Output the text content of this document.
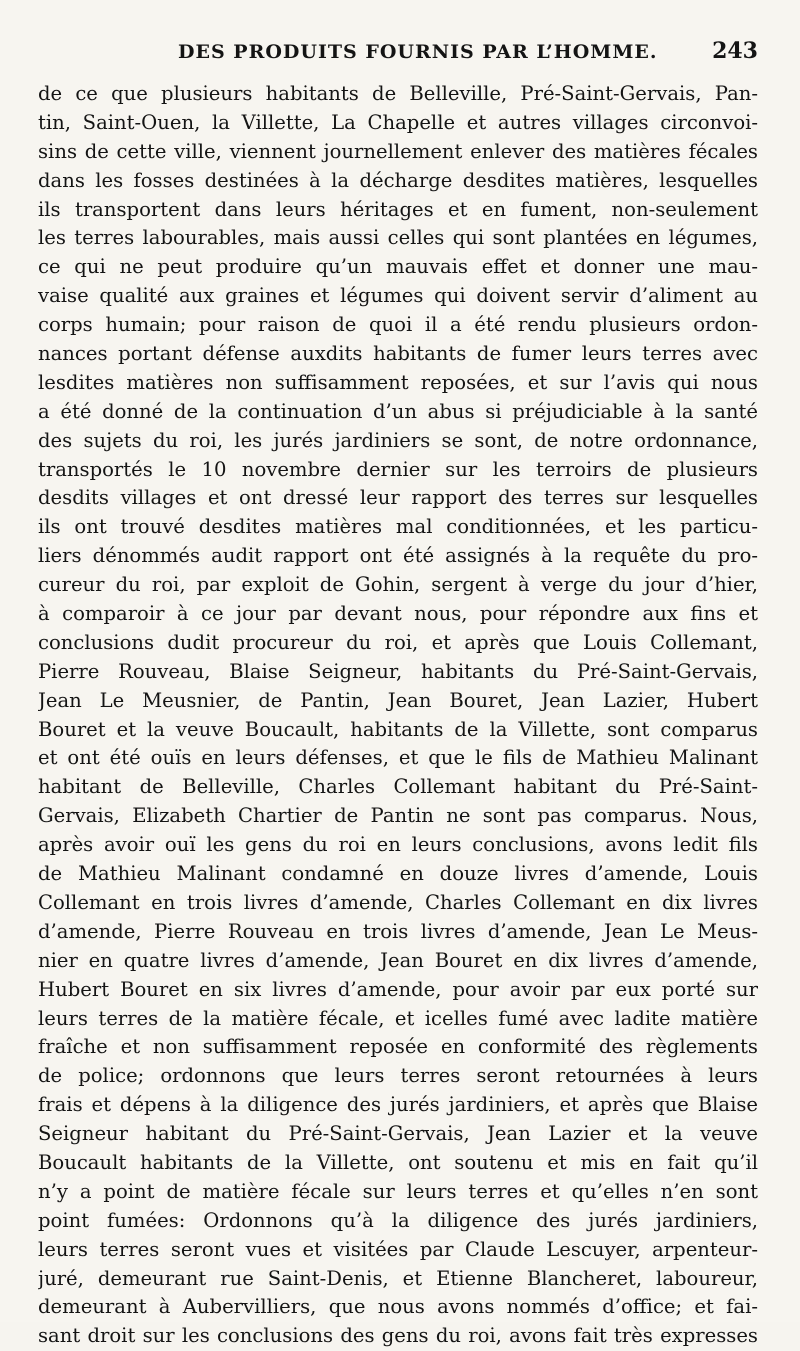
DES PRODUITS FOURNIS PAR L’HOMME. 243
de ce que plusieurs habitants de Belleville, Pré-Saint-Gervais, Pan-
tin, Saint-Ouen, la Villette, La Chapelle et autres villages circonvoi-
sins de cette ville, viennent journellement enlever des matières fécales
dans les fosses destinées à la décharge desdites matières, lesquelles
ils transportent dans leurs héritages et en fument, non-seulement
les terres labourables, mais aussi celles qui sont plantées en légumes,
ce qui ne peut produire qu’un mauvais effet et donner une mau-
vaise qualité aux graines et légumes qui doivent servir d’aliment au
corps humain; pour raison de quoi il a été rendu plusieurs ordon-
nances portant défense auxdits habitants de fumer leurs terres avec
lesdites matières non suffisamment reposées, et sur l’avis qui nous
a été donné de la continuation d’un abus si préjudiciable à la santé
des sujets du roi, les jurés jardiniers se sont, de notre ordonnance,
transportés le 10 novembre dernier sur les terroirs de plusieurs
desdits villages et ont dressé leur rapport des terres sur lesquelles
ils ont trouvé desdites matières mal conditionnées, et les particu-
liers dénommés audit rapport ont été assignés à la requête du pro-
cureur du roi, par exploit de Gohin, sergent à verge du jour d’hier,
à comparoir à ce jour par devant nous, pour répondre aux fins et
conclusions dudit procureur du roi, et après que Louis Collemant,
Pierre Rouveau, Blaise Seigneur, habitants du Pré-Saint-Gervais,
Jean Le Meusnier, de Pantin, Jean Bouret, Jean Lazier, Hubert
Bouret et la veuve Boucault, habitants de la Villette, sont comparus
et ont été ouïs en leurs défenses, et que le fils de Mathieu Malinant
habitant de Belleville, Charles Collemant habitant du Pré-Saint-
Gervais, Elizabeth Chartier de Pantin ne sont pas comparus. Nous,
après avoir ouï les gens du roi en leurs conclusions, avons ledit fils
de Mathieu Malinant condamné en douze livres d’amende, Louis
Collemant en trois livres d’amende, Charles Collemant en dix livres
d’amende, Pierre Rouveau en trois livres d’amende, Jean Le Meus-
nier en quatre livres d’amende, Jean Bouret en dix livres d’amende,
Hubert Bouret en six livres d’amende, pour avoir par eux porté sur
leurs terres de la matière fécale, et icelles fumé avec ladite matière
fraîche et non suffisamment reposée en conformité des règlements
de police; ordonnons que leurs terres seront retournées à leurs
frais et dépens à la diligence des jurés jardiniers, et après que Blaise
Seigneur habitant du Pré-Saint-Gervais, Jean Lazier et la veuve
Boucault habitants de la Villette, ont soutenu et mis en fait qu’il
n’y a point de matière fécale sur leurs terres et qu’elles n’en sont
point fumées: Ordonnons qu’à la diligence des jurés jardiniers,
leurs terres seront vues et visitées par Claude Lescuyer, arpenteur-
juré, demeurant rue Saint-Denis, et Etienne Blancheret, laboureur,
demeurant à Aubervilliers, que nous avons nommés d’office; et fai-
sant droit sur les conclusions des gens du roi, avons fait très expresses
